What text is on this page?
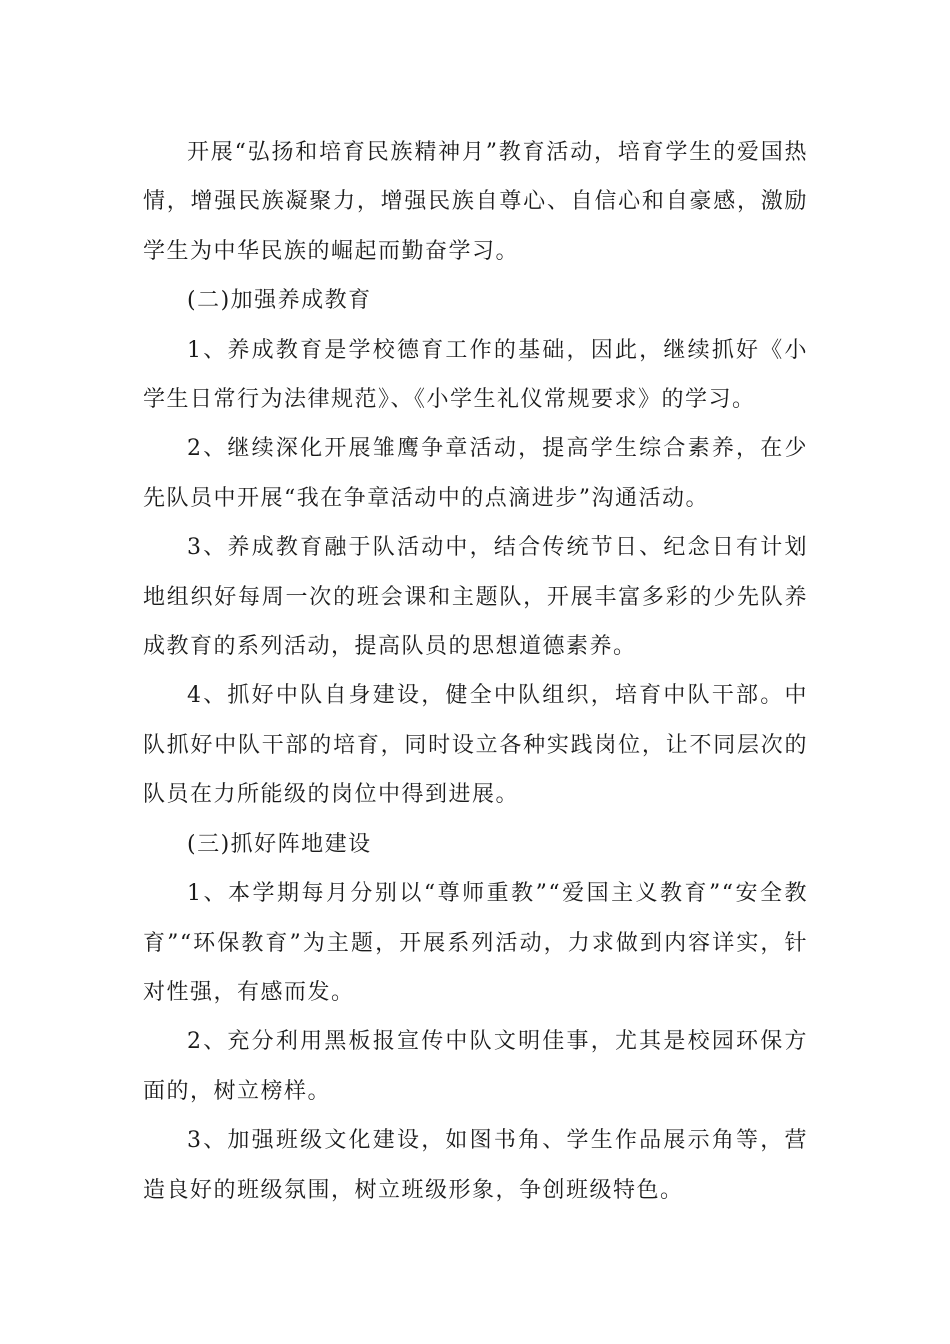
开展“弘扬和培育民族精神月”教育活动，培育学生的爱国热情，增强民族凝聚力，增强民族自尊心、自信心和自豪感，激励学生为中华民族的崛起而勤奋学习。

(二)加强养成教育

1、养成教育是学校德育工作的基础，因此，继续抓好《小学生日常行为法律规范》、《小学生礼仪常规要求》的学习。

2、继续深化开展雏鹰争章活动，提高学生综合素养，在少先队员中开展“我在争章活动中的点滴进步”沟通活动。

3、养成教育融于队活动中，结合传统节日、纪念日有计划地组织好每周一次的班会课和主题队，开展丰富多彩的少先队养成教育的系列活动，提高队员的思想道德素养。

4、抓好中队自身建设，健全中队组织，培育中队干部。中队抓好中队干部的培育，同时设立各种实践岗位，让不同层次的队员在力所能级的岗位中得到进展。

(三)抓好阵地建设

1、本学期每月分别以“尊师重教”“爱国主义教育”“安全教育”“环保教育”为主题，开展系列活动，力求做到内容详实，针对性强，有感而发。

2、充分利用黑板报宣传中队文明佳事，尤其是校园环保方面的，树立榜样。

3、加强班级文化建设，如图书角、学生作品展示角等，营造良好的班级氛围，树立班级形象，争创班级特色。
